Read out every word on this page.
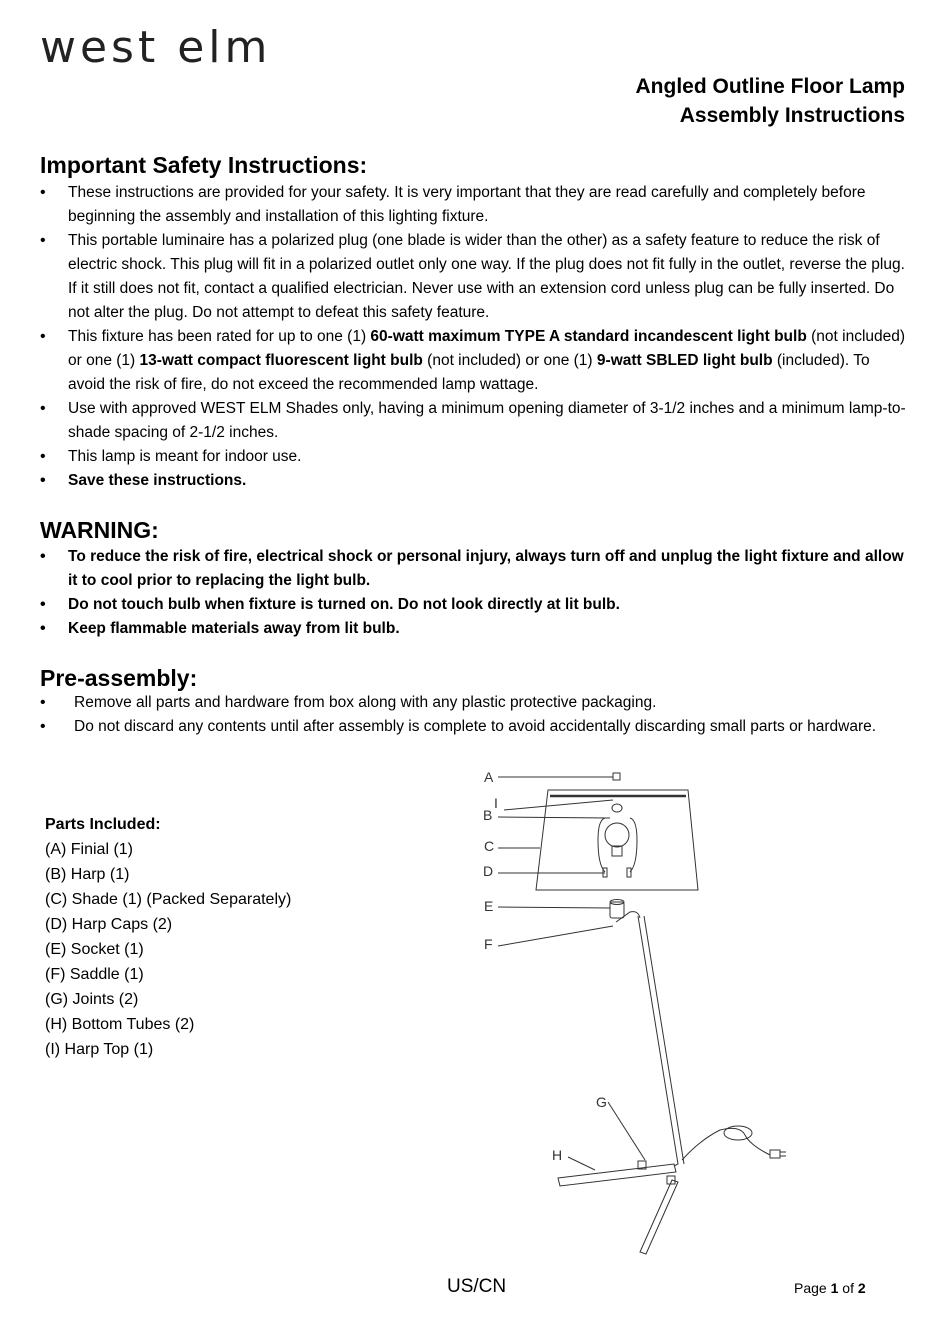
west elm
Angled Outline Floor Lamp
Assembly Instructions
Important Safety Instructions:
• These instructions are provided for your safety. It is very important that they are read carefully and completely before beginning the assembly and installation of this lighting fixture.
• This portable luminaire has a polarized plug (one blade is wider than the other) as a safety feature to reduce the risk of electric shock. This plug will fit in a polarized outlet only one way. If the plug does not fit fully in the outlet, reverse the plug. If it still does not fit, contact a qualified electrician. Never use with an extension cord unless plug can be fully inserted. Do not alter the plug. Do not attempt to defeat this safety feature.
• This fixture has been rated for up to one (1) 60-watt maximum TYPE A standard incandescent light bulb (not included) or one (1) 13-watt compact fluorescent light bulb (not included) or one (1) 9-watt SBLED light bulb (included). To avoid the risk of fire, do not exceed the recommended lamp wattage.
• Use with approved WEST ELM Shades only, having a minimum opening diameter of 3-1/2 inches and a minimum lamp-to-shade spacing of 2-1/2 inches.
• This lamp is meant for indoor use.
• Save these instructions.
WARNING:
• To reduce the risk of fire, electrical shock or personal injury, always turn off and unplug the light fixture and allow it to cool prior to replacing the light bulb.
• Do not touch bulb when fixture is turned on. Do not look directly at lit bulb.
• Keep flammable materials away from lit bulb.
Pre-assembly:
• Remove all parts and hardware from box along with any plastic protective packaging.
• Do not discard any contents until after assembly is complete to avoid accidentally discarding small parts or hardware.
Parts Included:
(A) Finial (1)
(B) Harp (1)
(C) Shade (1) (Packed Separately)
(D) Harp Caps (2)
(E) Socket (1)
(F) Saddle (1)
(G) Joints (2)
(H) Bottom Tubes (2)
(I) Harp Top (1)
A
I
B
C
D
E
F
G
H
US/CN	Page 1 of 2
